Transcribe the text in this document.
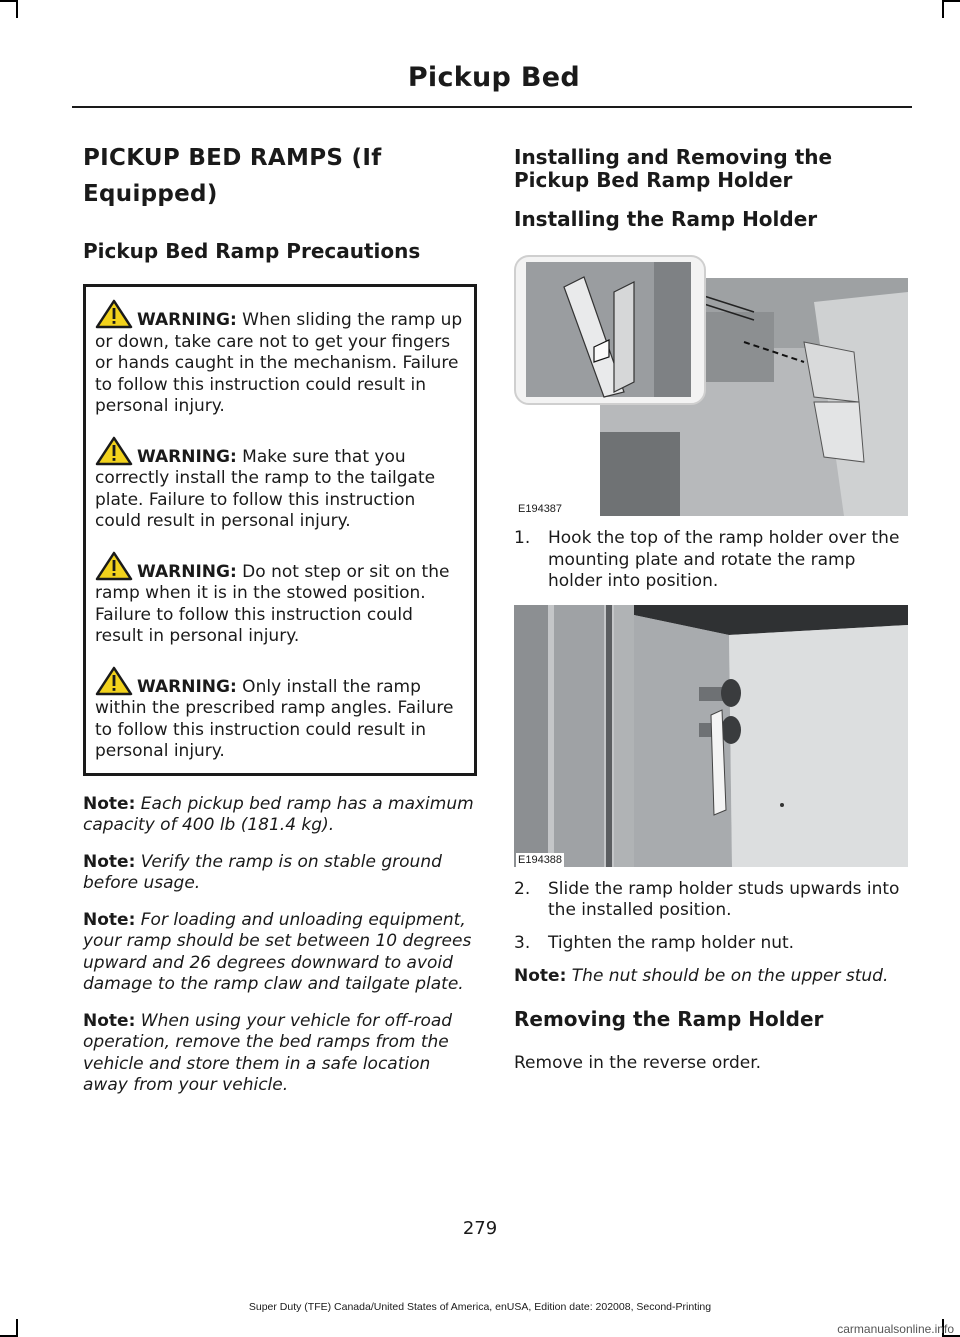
Pickup Bed
PICKUP BED RAMPS (If Equipped)
Pickup Bed Ramp Precautions

WARNING: When sliding the ramp up or down, take care not to get your fingers or hands caught in the mechanism. Failure to follow this instruction could result in personal injury.

WARNING: Make sure that you correctly install the ramp to the tailgate plate. Failure to follow this instruction could result in personal injury.

WARNING: Do not step or sit on the ramp when it is in the stowed position. Failure to follow this instruction could result in personal injury.

WARNING: Only install the ramp within the prescribed ramp angles. Failure to follow this instruction could result in personal injury.

Note: Each pickup bed ramp has a maximum capacity of 400 lb (181.4 kg).

Note: Verify the ramp is on stable ground before usage.

Note: For loading and unloading equipment, your ramp should be set between 10 degrees upward and 26 degrees downward to avoid damage to the ramp claw and tailgate plate.

Note: When using your vehicle for off-road operation, remove the bed ramps from the vehicle and store them in a safe location away from your vehicle.

Installing and Removing the Pickup Bed Ramp Holder
Installing the Ramp Holder
E194387
1. Hook the top of the ramp holder over the mounting plate and rotate the ramp holder into position.
E194388
2. Slide the ramp holder studs upwards into the installed position.
3. Tighten the ramp holder nut.

Note: The nut should be on the upper stud.

Removing the Ramp Holder

Remove in the reverse order.

279
Super Duty (TFE) Canada/United States of America, enUSA, Edition date: 202008, Second-Printing
carmanualsonline.info
